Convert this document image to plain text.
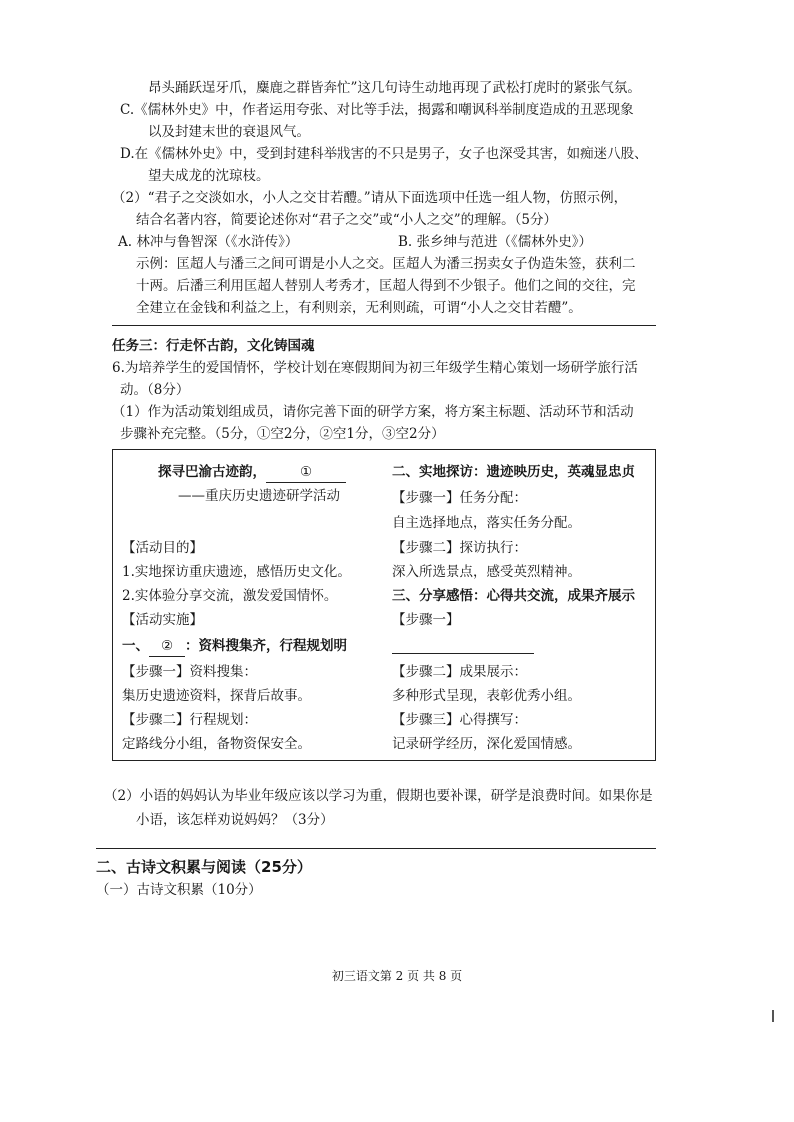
昂头踊跃逞牙爪，麋鹿之群皆奔忙”这几句诗生动地再现了武松打虎时的紧张气氛。
C.《儒林外史》中，作者运用夸张、对比等手法，揭露和嘲讽科举制度造成的丑恶现象
以及封建末世的衰退风气。
D.在《儒林外史》中，受到封建科举戕害的不只是男子，女子也深受其害，如痴迷八股、
望夫成龙的沈琼枝。
（2）“君子之交淡如水，小人之交甘若醴。”请从下面选项中任选一组人物，仿照示例，
结合名著内容，简要论述你对“君子之交”或“小人之交”的理解。（5分）
A. 林冲与鲁智深（《水浒传》）	B. 张乡绅与范进（《儒林外史》）
示例：匡超人与潘三之间可谓是小人之交。匡超人为潘三拐卖女子伪造朱签，获利二
十两。后潘三利用匡超人替别人考秀才，匡超人得到不少银子。他们之间的交往，完
全建立在金钱和利益之上，有利则亲，无利则疏，可谓“小人之交甘若醴”。
任务三：行走怀古韵，文化铸国魂
6.为培养学生的爱国情怀，学校计划在寒假期间为初三年级学生精心策划一场研学旅行活
动。（8分）
（1）作为活动策划组成员，请你完善下面的研学方案，将方案主标题、活动环节和活动
步骤补充完整。（5分，①空2分，②空1分，③空2分）
探寻巴渝古迹韵，	①
——重庆历史遗迹研学活动
【活动目的】
1.实地探访重庆遗迹，感悟历史文化。
2.实体验分享交流，激发爱国情怀。
【活动实施】
一、 ② ：资料搜集齐，行程规划明
【步骤一】资料搜集：
集历史遗迹资料，探背后故事。
【步骤二】行程规划：
定路线分小组，备物资保安全。
二、实地探访：遗迹映历史，英魂显忠贞
【步骤一】任务分配：
自主选择地点，落实任务分配。
【步骤二】探访执行：
深入所选景点，感受英烈精神。
三、分享感悟：心得共交流，成果齐展示
【步骤一】
【步骤二】成果展示：
多种形式呈现，表彰优秀小组。
【步骤三】心得撰写：
记录研学经历，深化爱国情感。
（2）小语的妈妈认为毕业年级应该以学习为重，假期也要补课，研学是浪费时间。如果你是
小语，该怎样劝说妈妈？（3分）
二、古诗文积累与阅读（25分）
（一）古诗文积累（10分）
初三语文第 2 页 共 8 页
